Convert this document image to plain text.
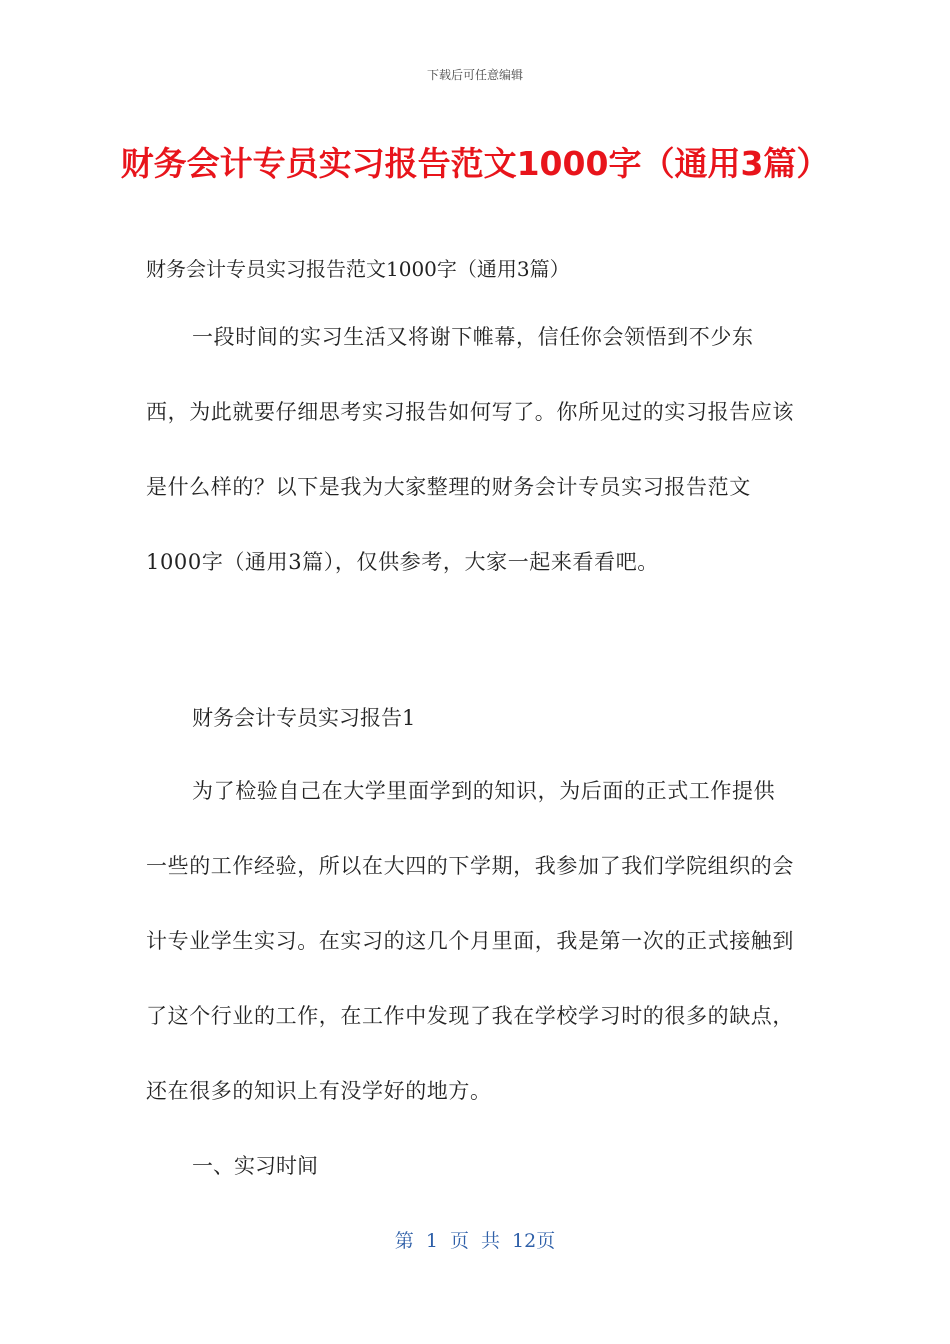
下载后可任意编辑
财务会计专员实习报告范文1000字（通用3篇）
财务会计专员实习报告范文1000字（通用3篇）

一段时间的实习生活又将谢下帷幕，信任你会领悟到不少东西，为此就要仔细思考实习报告如何写了。你所见过的实习报告应该是什么样的？以下是我为大家整理的财务会计专员实习报告范文1000字（通用3篇），仅供参考，大家一起来看看吧。

财务会计专员实习报告1

为了检验自己在大学里面学到的知识，为后面的正式工作提供一些的工作经验，所以在大四的下学期，我参加了我们学院组织的会计专业学生实习。在实习的这几个月里面，我是第一次的正式接触到了这个行业的工作，在工作中发现了我在学校学习时的很多的缺点，还在很多的知识上有没学好的地方。

一、实习时间
第 1 页 共 12页
